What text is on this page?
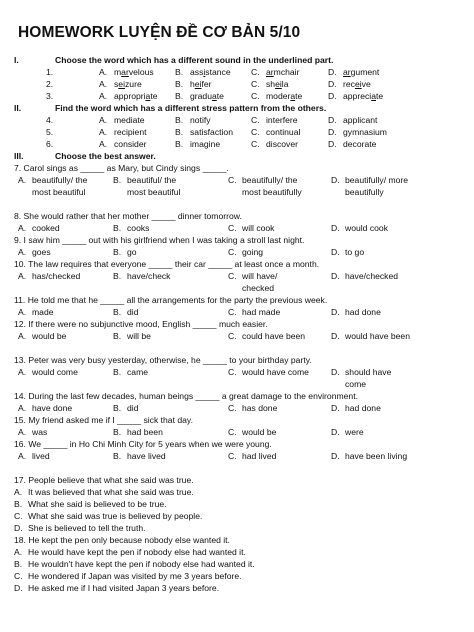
HOMEWORK LUYỆN ĐỀ CƠ BẢN 5/10
I.	Choose the word which has a different sound in the underlined part.
1.	A. marvelous B. assistance C. armchair	D. argument
2.	A. seizure	B. heifer	C. sheila	D. receive
3.	A. appropriate B. graduate	C. moderate	D. appreciate
II.	Find the word which has a different stress pattern from the others.
4.	A. mediate	B. notify	C. interfere	D. applicant
5.	A. recipient	B. satisfaction C. continual	D. gymnasium
6.	A. consider	B. imagine	C. discover	D. decorate
III.	Choose the best answer.
7. Carol sings as _____ as Mary, but Cindy sings _____.
A. beautifully/ the most beautiful
B. beautiful/ the most beautiful
C. beautifully/ the most beautifully
D. beautifully/ more beautifully
8. She would rather that her mother _____ dinner tomorrow.
A. cooked	B. cooks	C. will cook	D. would cook
9. I saw him _____ out with his girlfriend when I was taking a stroll last night.
A. goes	B. go	C. going	D. to go
10. The law requires that everyone _____ their car _____ at least once a month.
A. has/checked	B. have/check	C. will have/ checked
D. have/checked
11. He told me that he _____ all the arrangements for the party the previous week.
A. made	B. did	C. had made	D. had done
12. If there were no subjunctive mood, English _____ much easier.
A. would be	B. will be	C. could have been	D. would have been
13. Peter was very busy yesterday, otherwise, he _____ to your birthday party.
A. would come	B. came	C. would have come	D. should have come
14. During the last few decades, human beings _____ a great damage to the environment.
A. have done	B. did	C. has done	D. had done
15. My friend asked me if I _____ sick that day.
A. was	B. had been	C. would be	D. were
16. We _____ in Ho Chi Minh City for 5 years when we were young.
A. lived	B. have lived	C. had lived	D. have been living
17. People believe that what she said was true.
A. It was believed that what she said was true.
B. What she said is believed to be true.
C. What she said was true is believed by people.
D. She is believed to tell the truth.
18. He kept the pen only because nobody else wanted it.
A. He would have kept the pen if nobody else had wanted it.
B. He wouldn't have kept the pen if nobody else had wanted it.
C. He wondered if Japan was visited by me 3 years before.
D. He asked me if I had visited Japan 3 years before.
